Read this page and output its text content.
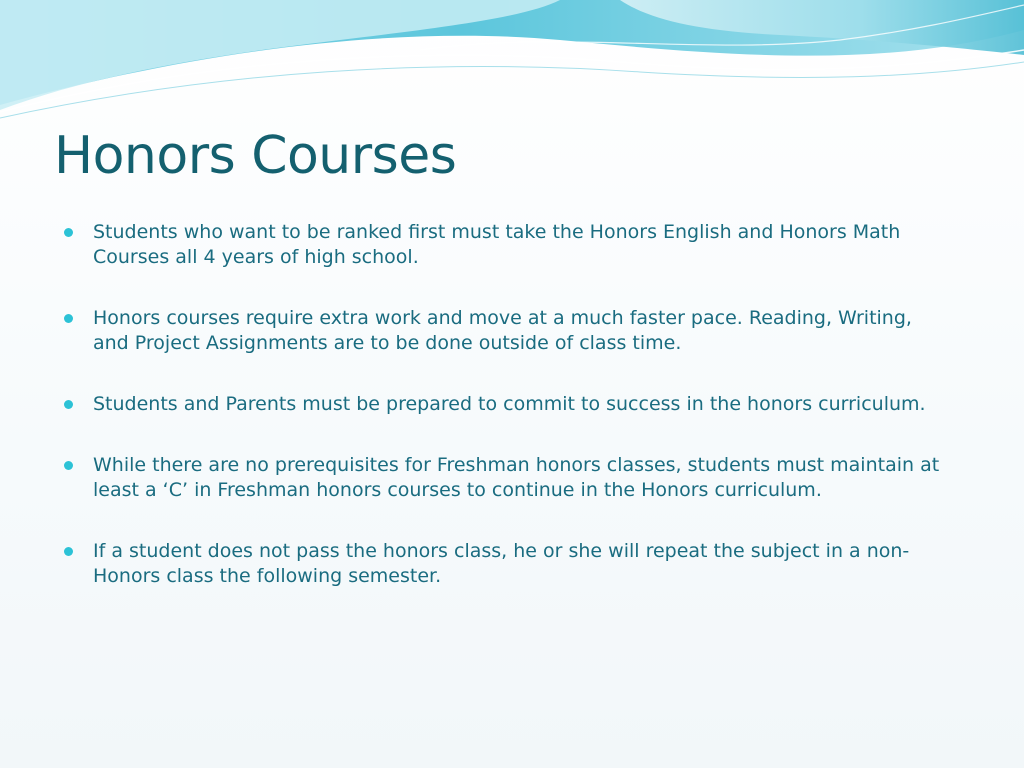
Honors Courses
Students who want to be ranked first must take the Honors English and Honors Math Courses all 4 years of high school.
Honors courses require extra work and move at a much faster pace. Reading, Writing, and Project Assignments are to be done outside of class time.
Students and Parents must be prepared to commit to success in the honors curriculum.
While there are no prerequisites for Freshman honors classes, students must maintain at least a ‘C’ in Freshman honors courses to continue in the Honors curriculum.
If a student does not pass the honors class, he or she will repeat the subject in a non-Honors class the following semester.
